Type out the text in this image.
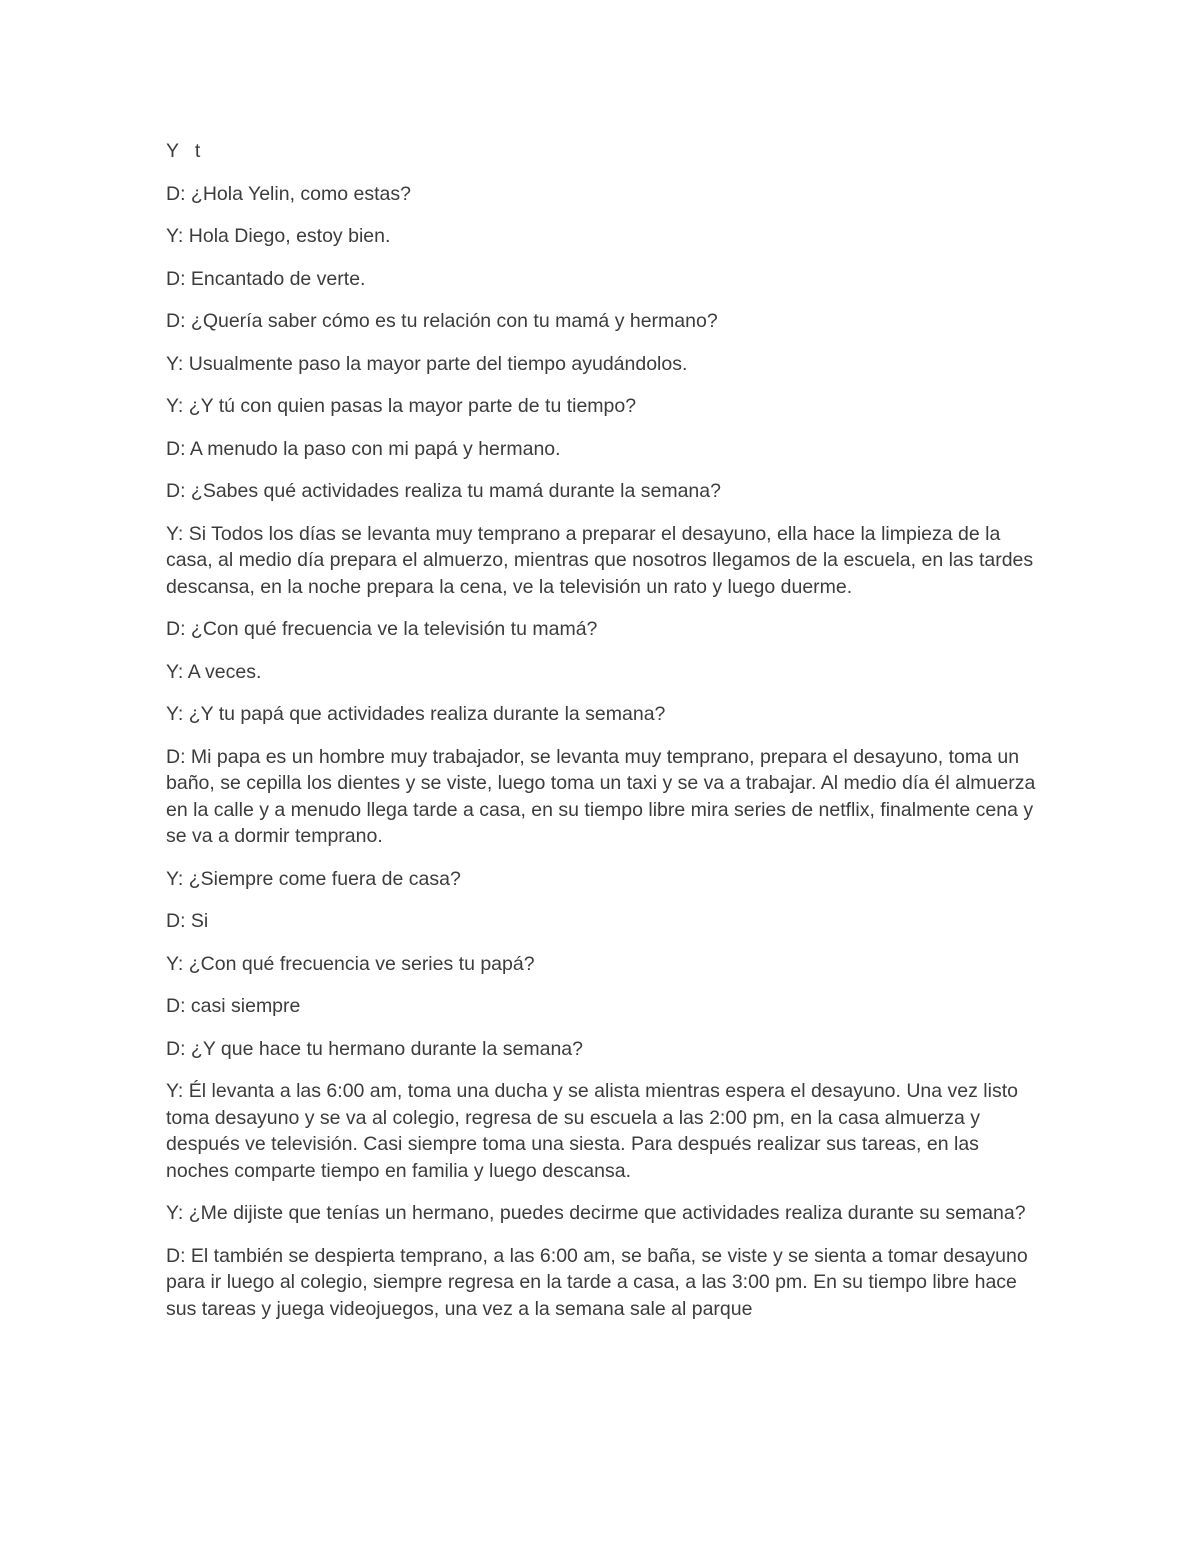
Y   t

D: ¿Hola Yelin, como estas?

Y: Hola Diego, estoy bien.

D: Encantado de verte.

D: ¿Quería saber cómo es tu relación con tu mamá y hermano?

Y: Usualmente paso la mayor parte del tiempo ayudándolos.

Y: ¿Y tú con quien pasas la mayor parte de tu tiempo?

D: A menudo la paso con mi papá y hermano.

D: ¿Sabes qué actividades realiza tu mamá durante la semana?

Y: Si Todos los días se levanta muy temprano a preparar el desayuno, ella hace la limpieza de la casa, al medio día prepara el almuerzo, mientras que nosotros llegamos de la escuela, en las tardes descansa, en la noche prepara la cena, ve la televisión un rato y luego duerme.

D: ¿Con qué frecuencia ve la televisión tu mamá?

Y: A veces.

Y: ¿Y tu papá que actividades realiza durante la semana?

D: Mi papa es un hombre muy trabajador, se levanta muy temprano, prepara el desayuno, toma un baño, se cepilla los dientes y se viste, luego toma un taxi y se va a trabajar. Al medio día él almuerza en la calle y a menudo llega tarde a casa, en su tiempo libre mira series de netflix, finalmente cena y se va a dormir temprano.

Y: ¿Siempre come fuera de casa?

D: Si

Y: ¿Con qué frecuencia ve series tu papá?

D: casi siempre

D: ¿Y que hace tu hermano durante la semana?

Y: Él levanta a las 6:00 am, toma una ducha y se alista mientras espera el desayuno. Una vez listo toma desayuno y se va al colegio, regresa de su escuela a las 2:00 pm, en la casa almuerza y después ve televisión. Casi siempre toma una siesta. Para después realizar sus tareas, en las noches comparte tiempo en familia y luego descansa.

Y: ¿Me dijiste que tenías un hermano, puedes decirme que actividades realiza durante su semana?

D: El también se despierta temprano, a las 6:00 am, se baña, se viste y se sienta a tomar desayuno para ir luego al colegio, siempre regresa en la tarde a casa, a las 3:00 pm. En su tiempo libre hace sus tareas y juega videojuegos, una vez a la semana sale al parque
